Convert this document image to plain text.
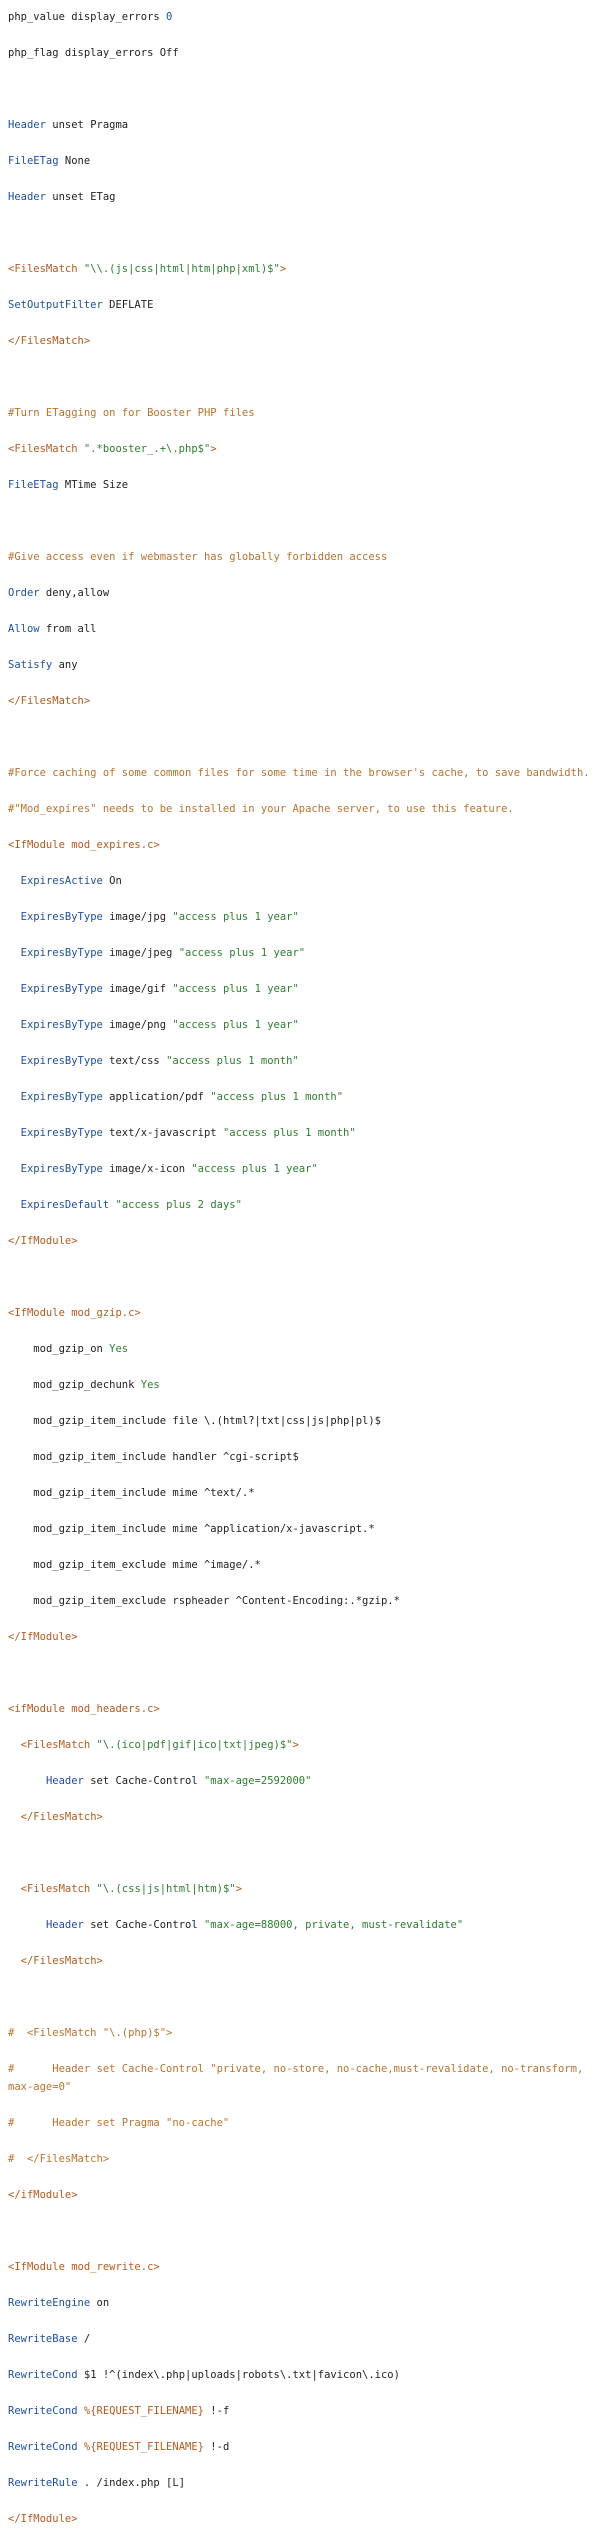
php_value display_errors 0

php_flag display_errors Off

Header unset Pragma

FileETag None

Header unset ETag

<FilesMatch "\\.(js|css|html|htm|php|xml)$">

SetOutputFilter DEFLATE

</FilesMatch>

#Turn ETagging on for Booster PHP files

<FilesMatch ".*booster_.+\.php$">

FileETag MTime Size

#Give access even if webmaster has globally forbidden access

Order deny,allow

Allow from all

Satisfy any

</FilesMatch>

#Force caching of some common files for some time in the browser's cache, to save bandwidth.

#"Mod_expires" needs to be installed in your Apache server, to use this feature.

<IfModule mod_expires.c>

ExpiresActive On

ExpiresByType image/jpg "access plus 1 year"

ExpiresByType image/jpeg "access plus 1 year"

ExpiresByType image/gif "access plus 1 year"

ExpiresByType image/png "access plus 1 year"

ExpiresByType text/css "access plus 1 month"

ExpiresByType application/pdf "access plus 1 month"

ExpiresByType text/x-javascript "access plus 1 month"

ExpiresByType image/x-icon "access plus 1 year"

ExpiresDefault "access plus 2 days"

</IfModule>

<IfModule mod_gzip.c>

mod_gzip_on Yes

mod_gzip_dechunk Yes

mod_gzip_item_include file \.(html?|txt|css|js|php|pl)$

mod_gzip_item_include handler ^cgi-script$

mod_gzip_item_include mime ^text/.*

mod_gzip_item_include mime ^application/x-javascript.*

mod_gzip_item_exclude mime ^image/.*

mod_gzip_item_exclude rspheader ^Content-Encoding:.*gzip.*

</IfModule>

<ifModule mod_headers.c>

<FilesMatch "\.(ico|pdf|gif|ico|txt|jpeg)$">

Header set Cache-Control "max-age=2592000"

</FilesMatch>

<FilesMatch "\.(css|js|html|htm)$">

Header set Cache-Control "max-age=88000, private, must-revalidate"

</FilesMatch>

#  <FilesMatch "\.(php)$">

#      Header set Cache-Control "private, no-store, no-cache,must-revalidate, no-transform, max-age=0"

#      Header set Pragma "no-cache"

#  </FilesMatch>

</ifModule>

<IfModule mod_rewrite.c>

RewriteEngine on

RewriteBase /

RewriteCond $1 !^(index\.php|uploads|robots\.txt|favicon\.ico)

RewriteCond %{REQUEST_FILENAME} !-f

RewriteCond %{REQUEST_FILENAME} !-d

RewriteRule . /index.php [L]

</IfModule>
